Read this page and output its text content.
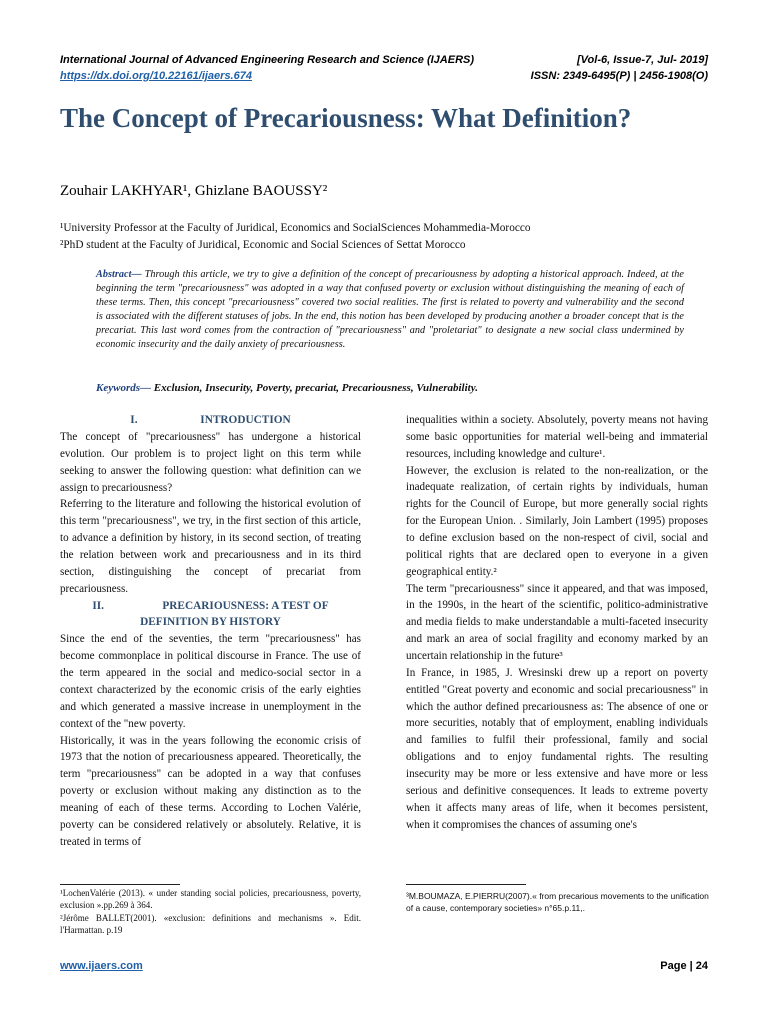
International Journal of Advanced Engineering Research and Science (IJAERS)	[Vol-6, Issue-7, Jul- 2019]
https://dx.doi.org/10.22161/ijaers.674	ISSN: 2349-6495(P) | 2456-1908(O)
The Concept of Precariousness: What Definition?
Zouhair LAKHYAR¹, Ghizlane BAOUSSY²
¹University Professor at the Faculty of Juridical, Economics and SocialSciences Mohammedia-Morocco
²PhD student at the Faculty of Juridical, Economic and Social Sciences of Settat Morocco
Abstract— Through this article, we try to give a definition of the concept of precariousness by adopting a historical approach. Indeed, at the beginning the term "precariousness" was adopted in a way that confused poverty or exclusion without distinguishing the meaning of each of these terms. Then, this concept "precariousness" covered two social realities. The first is related to poverty and vulnerability and the second is associated with the different statuses of jobs. In the end, this notion has been developed by producing another a broader concept that is the precariat. This last word comes from the contraction of "precariousness" and "proletariat" to designate a new social class undermined by economic insecurity and the daily anxiety of precariousness.
Keywords— Exclusion, Insecurity, Poverty, precariat, Precariousness, Vulnerability.

I.	INTRODUCTION

The concept of "precariousness" has undergone a historical evolution. Our problem is to project light on this term while seeking to answer the following question: what definition can we assign to precariousness?

Referring to the literature and following the historical evolution of this term "precariousness", we try, in the first section of this article, to advance a definition by history, in its second section, of treating the relation between work and precariousness and in its third section, distinguishing the concept of precariat from precariousness.

II.	PRECARIOUSNESS: A TEST OF DEFINITION BY HISTORY

Since the end of the seventies, the term "precariousness" has become commonplace in political discourse in France. The use of the term appeared in the social and medico-social sector in a context characterized by the economic crisis of the early eighties and which generated a massive increase in unemployment in the context of the "new poverty.

Historically, it was in the years following the economic crisis of 1973 that the notion of precariousness appeared. Theoretically, the term "precariousness" can be adopted in a way that confuses poverty or exclusion without making any distinction as to the meaning of each of these terms. According to Lochen Valérie, poverty can be considered relatively or absolutely. Relative, it is treated in terms of

inequalities within a society. Absolutely, poverty means not having some basic opportunities for material well-being and immaterial resources, including knowledge and culture¹.

However, the exclusion is related to the non-realization, or the inadequate realization, of certain rights by individuals, human rights for the Council of Europe, but more generally social rights for the European Union. . Similarly, Join Lambert (1995) proposes to define exclusion based on the non-respect of civil, social and political rights that are declared open to everyone in a given geographical entity.²

The term "precariousness" since it appeared, and that was imposed, in the 1990s, in the heart of the scientific, politico-administrative and media fields to make understandable a multi-faceted insecurity and mark an area of social fragility and economy marked by an uncertain relationship in the future³

In France, in 1985, J. Wresinski drew up a report on poverty entitled "Great poverty and economic and social precariousness" in which the author defined precariousness as: The absence of one or more securities, notably that of employment, enabling individuals and families to fulfil their professional, family and social obligations and to enjoy fundamental rights. The resulting insecurity may be more or less extensive and have more or less serious and definitive consequences. It leads to extreme poverty when it affects many areas of life, when it becomes persistent, when it compromises the chances of assuming one's

¹LochenValérie (2013). « under standing social policies, precariousness, poverty, exclusion ».pp.269 à 364.

²Jérôme BALLET(2001). «exclusion: definitions and mechanisms ». Edit. l'Harmattan. p.19

³M.BOUMAZA, E.PIERRU(2007).« from precarious movements to the unification of a cause, contemporary societies» n°65.p.11,.

www.ijaers.com	Page | 24
